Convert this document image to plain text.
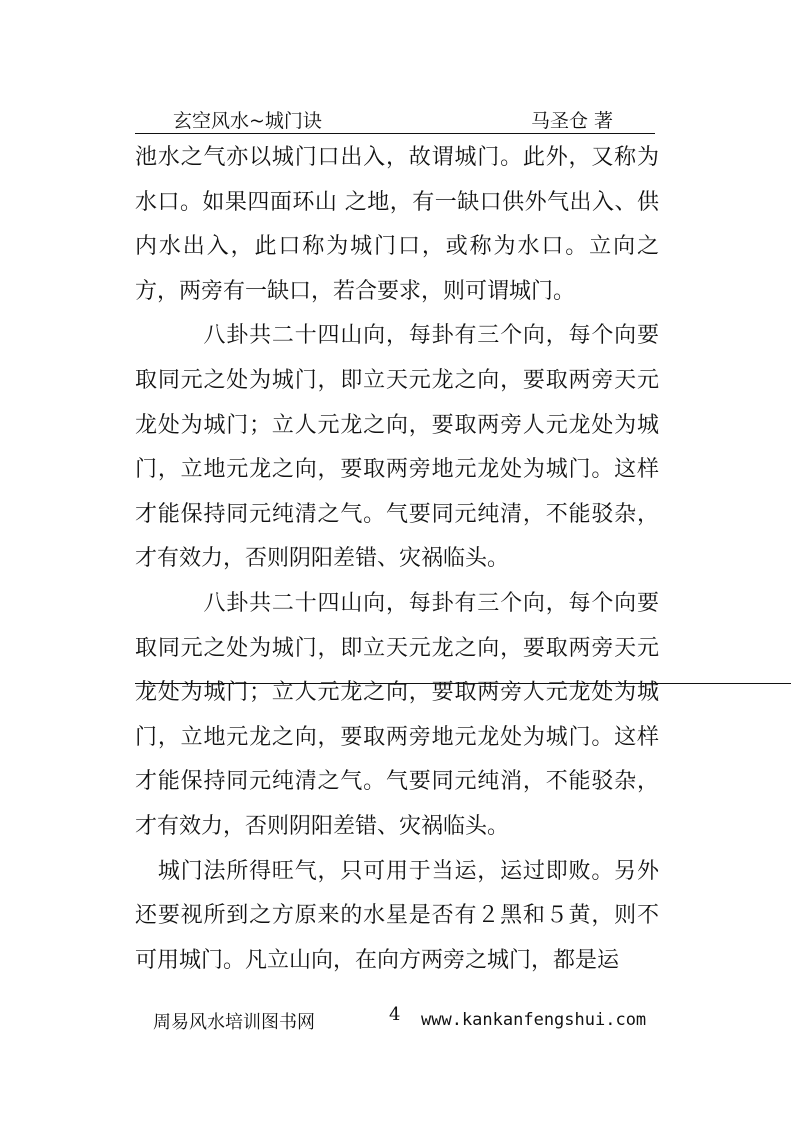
玄空风水~城门诀	马圣仓 著

池水之气亦以城门口出入，故谓城门。此外，又称为水口。如果四面环山 之地，有一缺口供外气出入、供内水出入，此口称为城门口，或称为水口。立向之方，两旁有一缺口，若合要求，则可谓城门。

　　　八卦共二十四山向，每卦有三个向，每个向要取同元之处为城门，即立天元龙之向，要取两旁天元龙处为城门；立人元龙之向，要取两旁人元龙处为城门，立地元龙之向，要取两旁地元龙处为城门。这样才能保持同元纯清之气。气要同元纯清，不能驳杂，才有效力，否则阴阳差错、灾祸临头。

　　　八卦共二十四山向，每卦有三个向，每个向要取同元之处为城门，即立天元龙之向，要取两旁天元龙处为城门；立人元龙之向，要取两旁人元龙处为城门，立地元龙之向，要取两旁地元龙处为城门。这样才能保持同元纯清之气。气要同元纯消，不能驳杂，才有效力，否则阴阳差错、灾祸临头。

　城门法所得旺气，只可用于当运，运过即败。另外还要视所到之方原来的水星是否有２黑和５黄，则不可用城门。凡立山向，在向方两旁之城门，都是运

周易风水培训图书网	4 www.kankanfengshui.com
